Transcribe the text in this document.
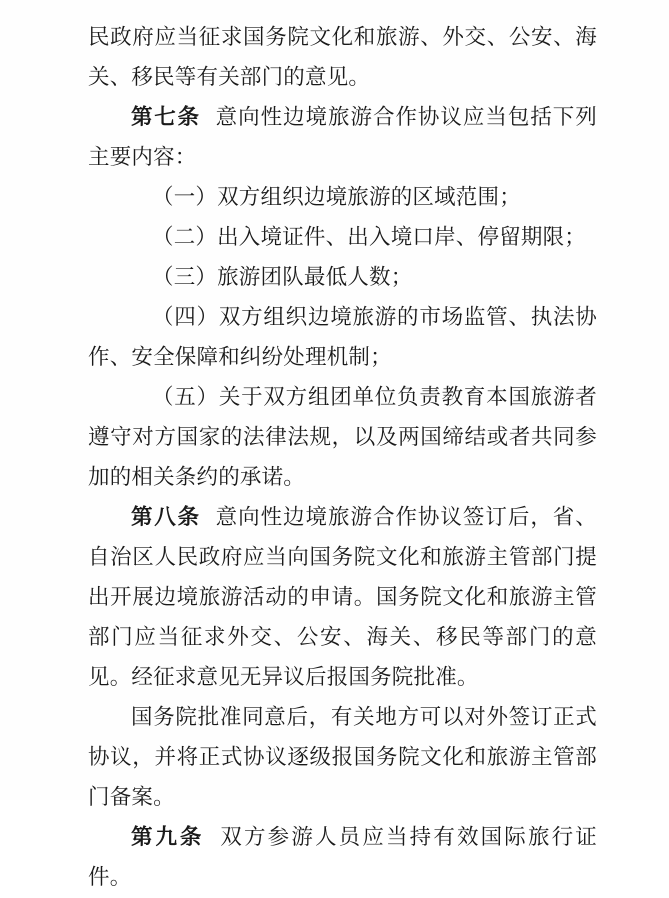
民政府应当征求国务院文化和旅游、外交、公安、海关、移民等有关部门的意见。

第七条 意向性边境旅游合作协议应当包括下列主要内容：

（一）双方组织边境旅游的区域范围；

（二）出入境证件、出入境口岸、停留期限；

（三）旅游团队最低人数；

（四）双方组织边境旅游的市场监管、执法协作、安全保障和纠纷处理机制；

（五）关于双方组团单位负责教育本国旅游者遵守对方国家的法律法规，以及两国缔结或者共同参加的相关条约的承诺。

第八条 意向性边境旅游合作协议签订后，省、自治区人民政府应当向国务院文化和旅游主管部门提出开展边境旅游活动的申请。国务院文化和旅游主管部门应当征求外交、公安、海关、移民等部门的意见。经征求意见无异议后报国务院批准。

国务院批准同意后，有关地方可以对外签订正式协议，并将正式协议逐级报国务院文化和旅游主管部门备案。

第九条 双方参游人员应当持有效国际旅行证件。
